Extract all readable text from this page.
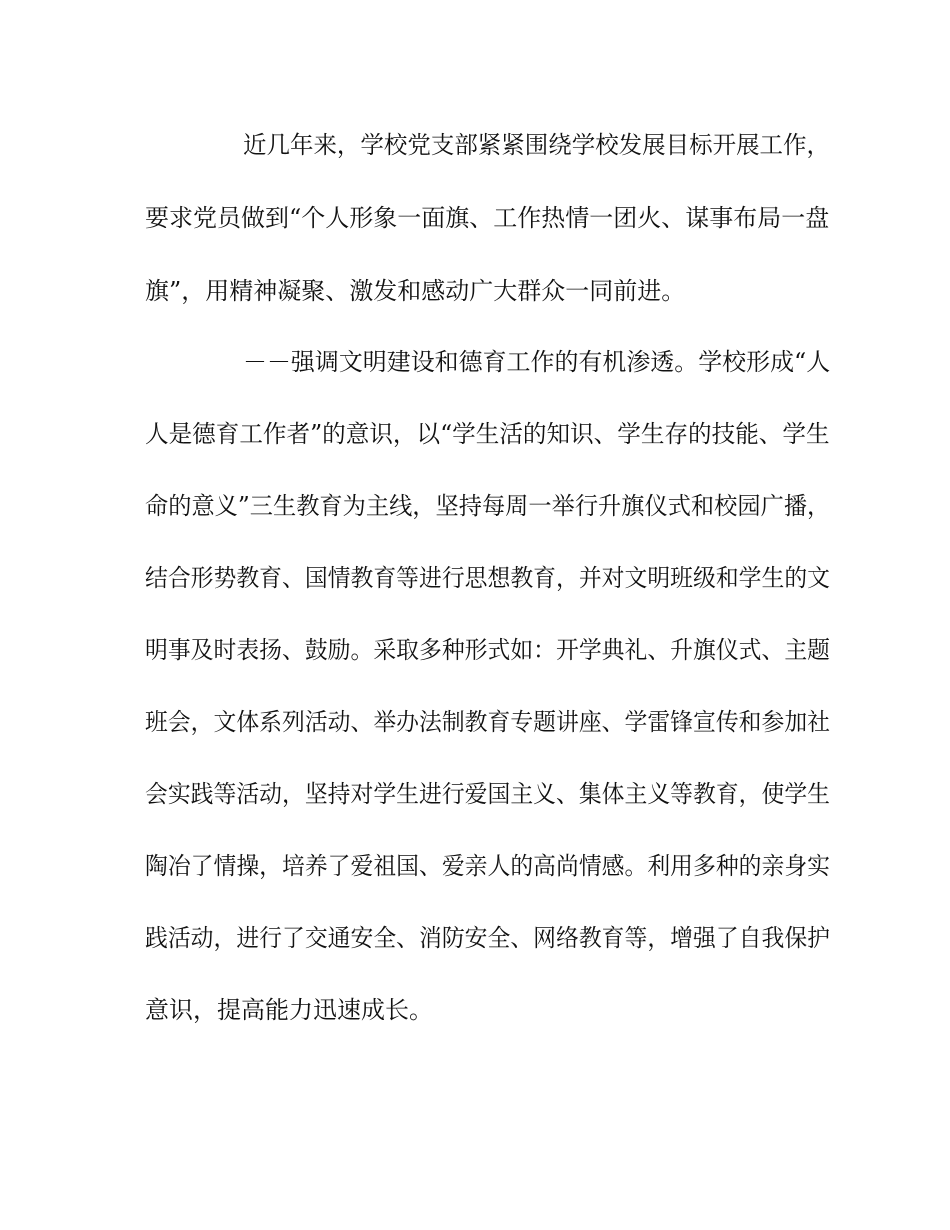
近几年来，学校党支部紧紧围绕学校发展目标开展工作，
要求党员做到“个人形象一面旗、工作热情一团火、谋事布局一盘
旗”，用精神凝聚、激发和感动广大群众一同前进。
－－强调文明建设和德育工作的有机渗透。学校形成“人
人是德育工作者”的意识，以“学生活的知识、学生存的技能、学生
命的意义”三生教育为主线，坚持每周一举行升旗仪式和校园广播，
结合形势教育、国情教育等进行思想教育，并对文明班级和学生的文
明事及时表扬、鼓励。采取多种形式如：开学典礼、升旗仪式、主题
班会，文体系列活动、举办法制教育专题讲座、学雷锋宣传和参加社
会实践等活动，坚持对学生进行爱国主义、集体主义等教育，使学生
陶冶了情操，培养了爱祖国、爱亲人的高尚情感。利用多种的亲身实
践活动，进行了交通安全、消防安全、网络教育等，增强了自我保护
意识，提高能力迅速成长。
